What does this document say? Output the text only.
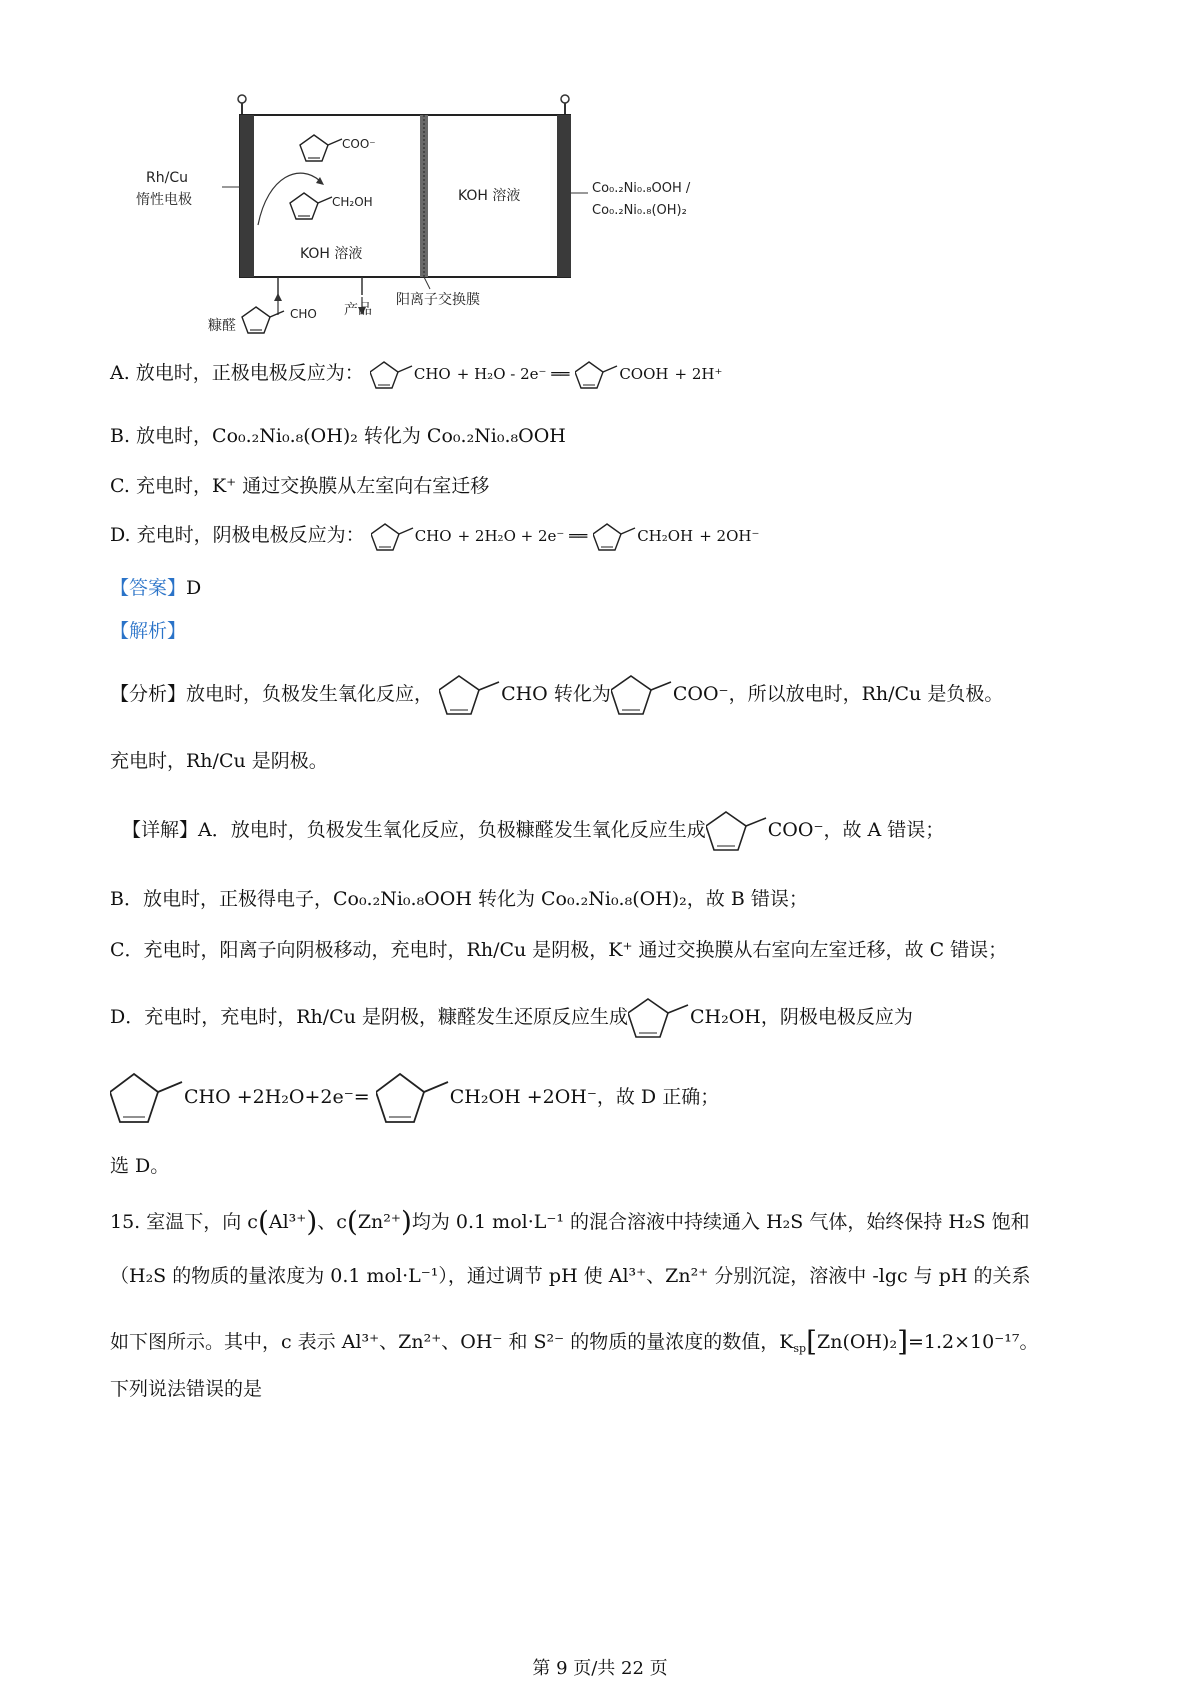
Rh/Cu
惰性电极
COO⁻
CH₂OH
KOH 溶液
KOH 溶液	Co₀.₂Ni₀.₈OOH /
Co₀.₂Ni₀.₈(OH)₂
阳离子交换膜
糠醛
CHO 产品
A. 放电时，正极电极反应为：	CHO + H₂O - 2e⁻ ══	COOH + 2H⁺
B. 放电时，Co₀.₂Ni₀.₈(OH)₂ 转化为 Co₀.₂Ni₀.₈OOH
C. 充电时，K⁺ 通过交换膜从左室向右室迁移
D. 充电时，阴极电极反应为：	CHO + 2H₂O + 2e⁻ ══	CH₂OH + 2OH⁻
【答案】D
【解析】
【分析】放电时，负极发生氧化反应，	CHO 转化为	COO⁻，所以放电时，Rh/Cu 是负极。
充电时，Rh/Cu 是阴极。
【详解】A．放电时，负极发生氧化反应，负极糠醛发生氧化反应生成	COO⁻，故 A 错误；
B．放电时，正极得电子，Co₀.₂Ni₀.₈OOH 转化为 Co₀.₂Ni₀.₈(OH)₂，故 B 错误；
C．充电时，阳离子向阴极移动，充电时，Rh/Cu 是阴极，K⁺ 通过交换膜从右室向左室迁移，故 C 错误；
D．充电时，充电时，Rh/Cu 是阴极，糠醛发生还原反应生成	CH₂OH，阴极电极反应为
CHO +2H₂O+2e⁻=	CH₂OH +2OH⁻，故 D 正确；
选 D。
15. 室温下，向 c(Al³⁺)、c(Zn²⁺)均为 0.1 mol·L⁻¹ 的混合溶液中持续通入 H₂S 气体，始终保持 H₂S 饱和
（H₂S 的物质的量浓度为 0.1 mol·L⁻¹），通过调节 pH 使 Al³⁺、Zn²⁺ 分别沉淀，溶液中 -lgc 与 pH 的关系
如下图所示。其中，c 表示 Al³⁺、Zn²⁺、OH⁻ 和 S²⁻ 的物质的量浓度的数值，$K_{sp}[Zn(OH)_2]=1.2\times 10^{-17}$。
下列说法错误的是
第 9 页/共 22 页
